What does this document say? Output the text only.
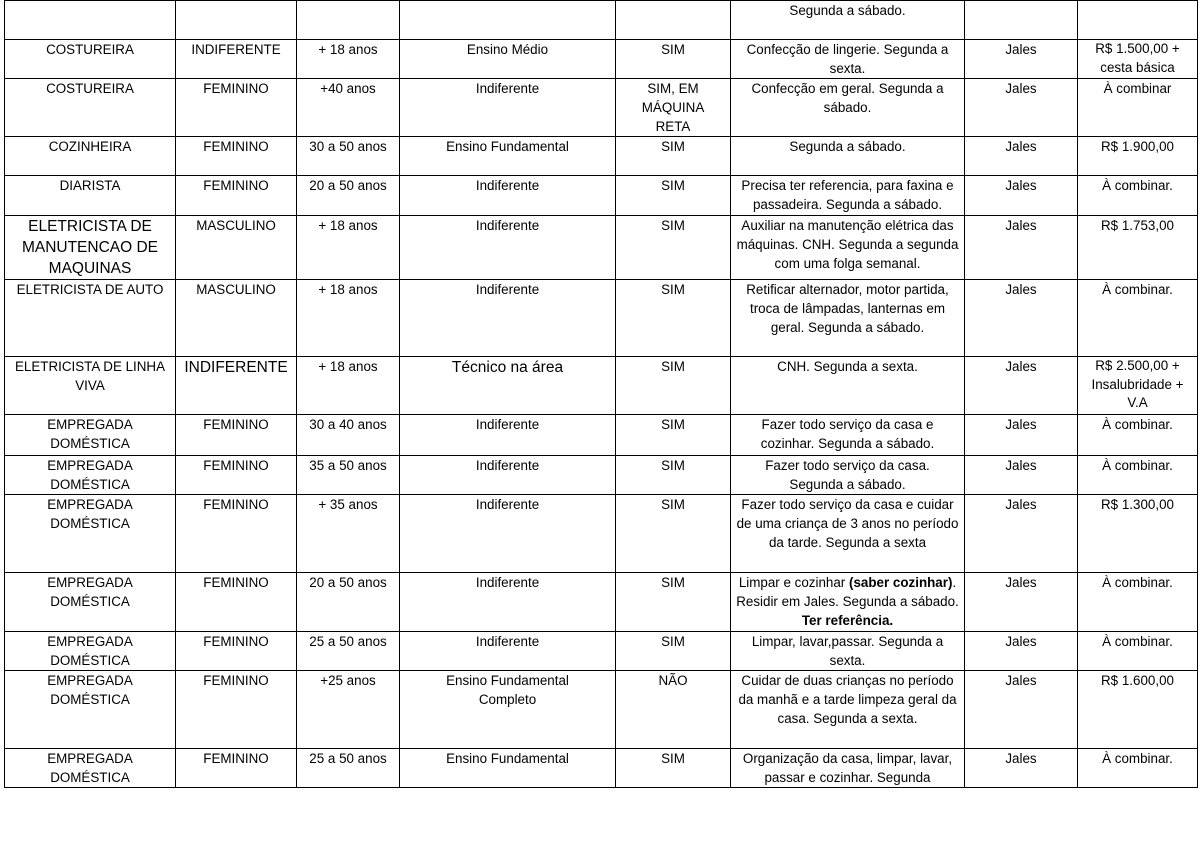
					Segunda a sábado.		
COSTUREIRA	INDIFERENTE	+ 18 anos	Ensino Médio	SIM	Confecção de lingerie. Segunda a sexta.	Jales	R$ 1.500,00 + cesta básica
COSTUREIRA	FEMININO	+40 anos	Indiferente	SIM, EM MÁQUINA RETA	Confecção em geral. Segunda a sábado.	Jales	À combinar
COZINHEIRA	FEMININO	30 a 50 anos	Ensino Fundamental	SIM	Segunda a sábado.	Jales	R$ 1.900,00
DIARISTA	FEMININO	20 a 50 anos	Indiferente	SIM	Precisa ter referencia, para faxina e passadeira. Segunda a sábado.	Jales	À combinar.
ELETRICISTA DE MANUTENCAO DE MAQUINAS	MASCULINO	+ 18 anos	Indiferente	SIM	Auxiliar na manutenção elétrica das máquinas. CNH. Segunda a segunda com uma folga semanal.	Jales	R$ 1.753,00
ELETRICISTA DE AUTO	MASCULINO	+ 18 anos	Indiferente	SIM	Retificar alternador, motor partida, troca de lâmpadas, lanternas em geral. Segunda a sábado.	Jales	À combinar.
ELETRICISTA DE LINHA VIVA	INDIFERENTE	+ 18 anos	Técnico na área	SIM	CNH. Segunda a sexta.	Jales	R$ 2.500,00 + Insalubridade + V.A
EMPREGADA DOMÉSTICA	FEMININO	30 a 40 anos	Indiferente	SIM	Fazer todo serviço da casa e cozinhar. Segunda a sábado.	Jales	À combinar.
EMPREGADA DOMÉSTICA	FEMININO	35 a 50 anos	Indiferente	SIM	Fazer todo serviço da casa. Segunda a sábado.	Jales	À combinar.
EMPREGADA DOMÉSTICA	FEMININO	+ 35 anos	Indiferente	SIM	Fazer todo serviço da casa e cuidar de uma criança de 3 anos no período da tarde. Segunda a sexta	Jales	R$ 1.300,00
EMPREGADA DOMÉSTICA	FEMININO	20 a 50 anos	Indiferente	SIM	Limpar e cozinhar (saber cozinhar). Residir em Jales. Segunda a sábado. Ter referência.	Jales	À combinar.
EMPREGADA DOMÉSTICA	FEMININO	25 a 50 anos	Indiferente	SIM	Limpar, lavar,passar. Segunda a sexta.	Jales	À combinar.
EMPREGADA DOMÉSTICA	FEMININO	+25 anos	Ensino Fundamental Completo	NÃO	Cuidar de duas crianças no período da manhã e a tarde limpeza geral da casa. Segunda a sexta.	Jales	R$ 1.600,00
EMPREGADA DOMÉSTICA	FEMININO	25 a 50 anos	Ensino Fundamental	SIM	Organização da casa, limpar, lavar, passar e cozinhar. Segunda	Jales	À combinar.
